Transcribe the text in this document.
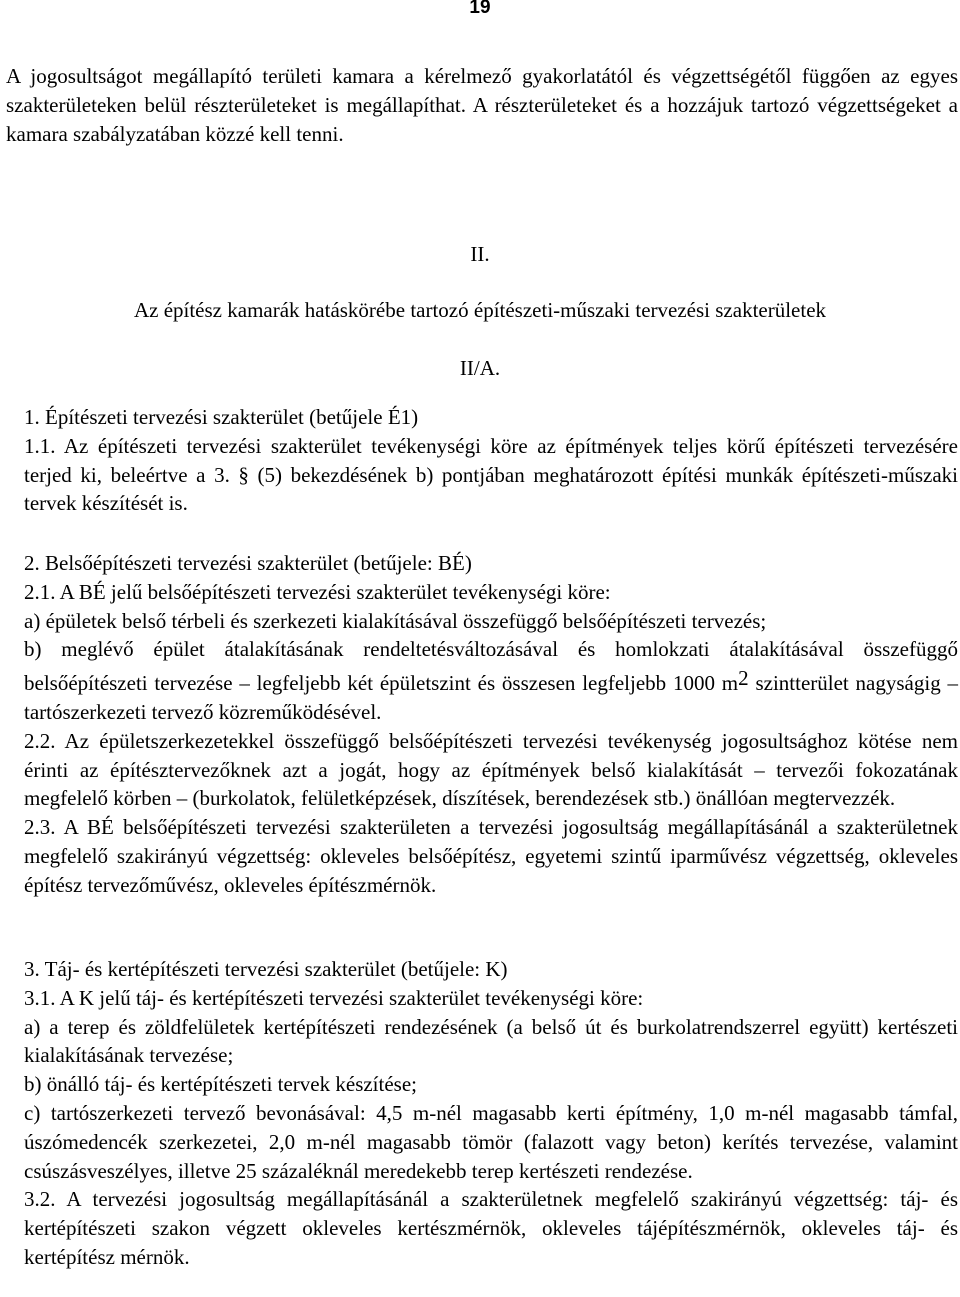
19

A jogosultságot megállapító területi kamara a kérelmező gyakorlatától és végzettségétől függően az egyes szakterületeken belül részterületeket is megállapíthat. A részterületeket és a hozzájuk tartozó végzettségeket a kamara szabályzatában közzé kell tenni.

II.

Az építész kamarák hatáskörébe tartozó építészeti-műszaki tervezési szakterületek

II/A.

1. Építészeti tervezési szakterület (betűjele É1)

1.1. Az építészeti tervezési szakterület tevékenységi köre az építmények teljes körű építészeti tervezésére terjed ki, beleértve a 3. § (5) bekezdésének b) pontjában meghatározott építési munkák építészeti-műszaki tervek készítését is.

2. Belsőépítészeti tervezési szakterület (betűjele: BÉ)

2.1. A BÉ jelű belsőépítészeti tervezési szakterület tevékenységi köre:

a) épületek belső térbeli és szerkezeti kialakításával összefüggő belsőépítészeti tervezés;

b) meglévő épület átalakításának rendeltetésváltozásával és homlokzati átalakításával összefüggő belsőépítészeti tervezése – legfeljebb két épületszint és összesen legfeljebb 1000 m2 szintterület nagyságig – tartószerkezeti tervező közreműködésével.

2.2. Az épületszerkezetekkel összefüggő belsőépítészeti tervezési tevékenység jogosultsághoz kötése nem érinti az építésztervezőknek azt a jogát, hogy az építmények belső kialakítását – tervezői fokozatának megfelelő körben – (burkolatok, felületképzések, díszítések, berendezések stb.) önállóan megtervezzék.

2.3. A BÉ belsőépítészeti tervezési szakterületen a tervezési jogosultság megállapításánál a szakterületnek megfelelő szakirányú végzettség: okleveles belsőépítész, egyetemi szintű iparművész végzettség, okleveles építész tervezőművész, okleveles építészmérnök.

3. Táj- és kertépítészeti tervezési szakterület (betűjele: K)

3.1. A K jelű táj- és kertépítészeti tervezési szakterület tevékenységi köre:

a) a terep és zöldfelületek kertépítészeti rendezésének (a belső út és burkolatrendszerrel együtt) kertészeti kialakításának tervezése;

b) önálló táj- és kertépítészeti tervek készítése;

c) tartószerkezeti tervező bevonásával: 4,5 m-nél magasabb kerti építmény, 1,0 m-nél magasabb támfal, úszómedencék szerkezetei, 2,0 m-nél magasabb tömör (falazott vagy beton) kerítés tervezése, valamint csúszásveszélyes, illetve 25 százaléknál meredekebb terep kertészeti rendezése.

3.2. A tervezési jogosultság megállapításánál a szakterületnek megfelelő szakirányú végzettség: táj- és kertépítészeti szakon végzett okleveles kertészmérnök, okleveles tájépítészmérnök, okleveles táj- és kertépítész mérnök.
